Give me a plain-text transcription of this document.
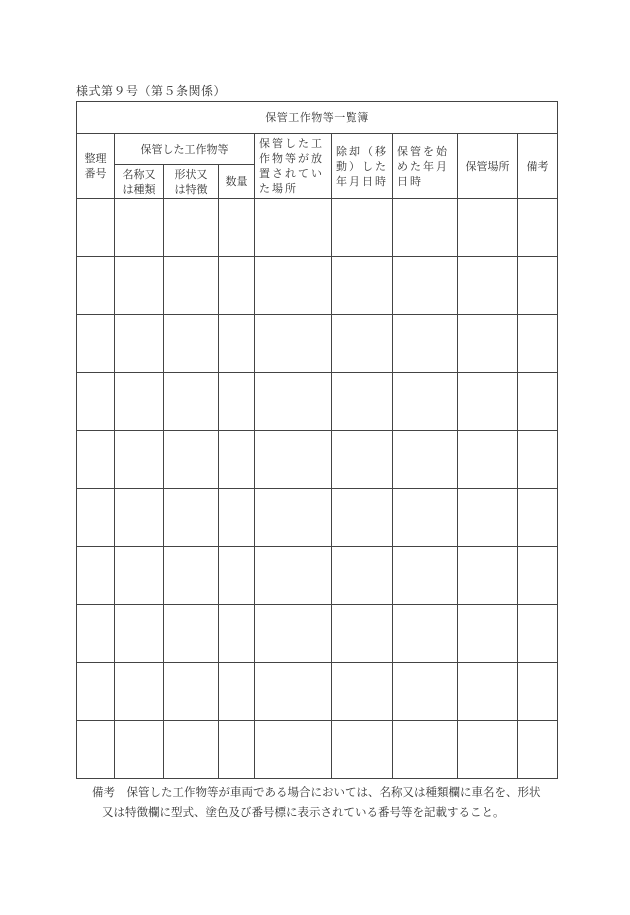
様式第９号（第５条関係）
保管工作物等一覧簿								
整理番号	保管した工作物等			保管した工作物等が放置されていた場所	除却（移動）した年月日時	保管を始めた年月日時	保管場所	備考
	名称又は種類	形状又は特徴	数量					

備考　 保管した工作物等が車両である場合においては、名称又は種類欄に車名を、形状
又は特徴欄に型式、塗色及び番号標に表示されている番号等を記載すること。
